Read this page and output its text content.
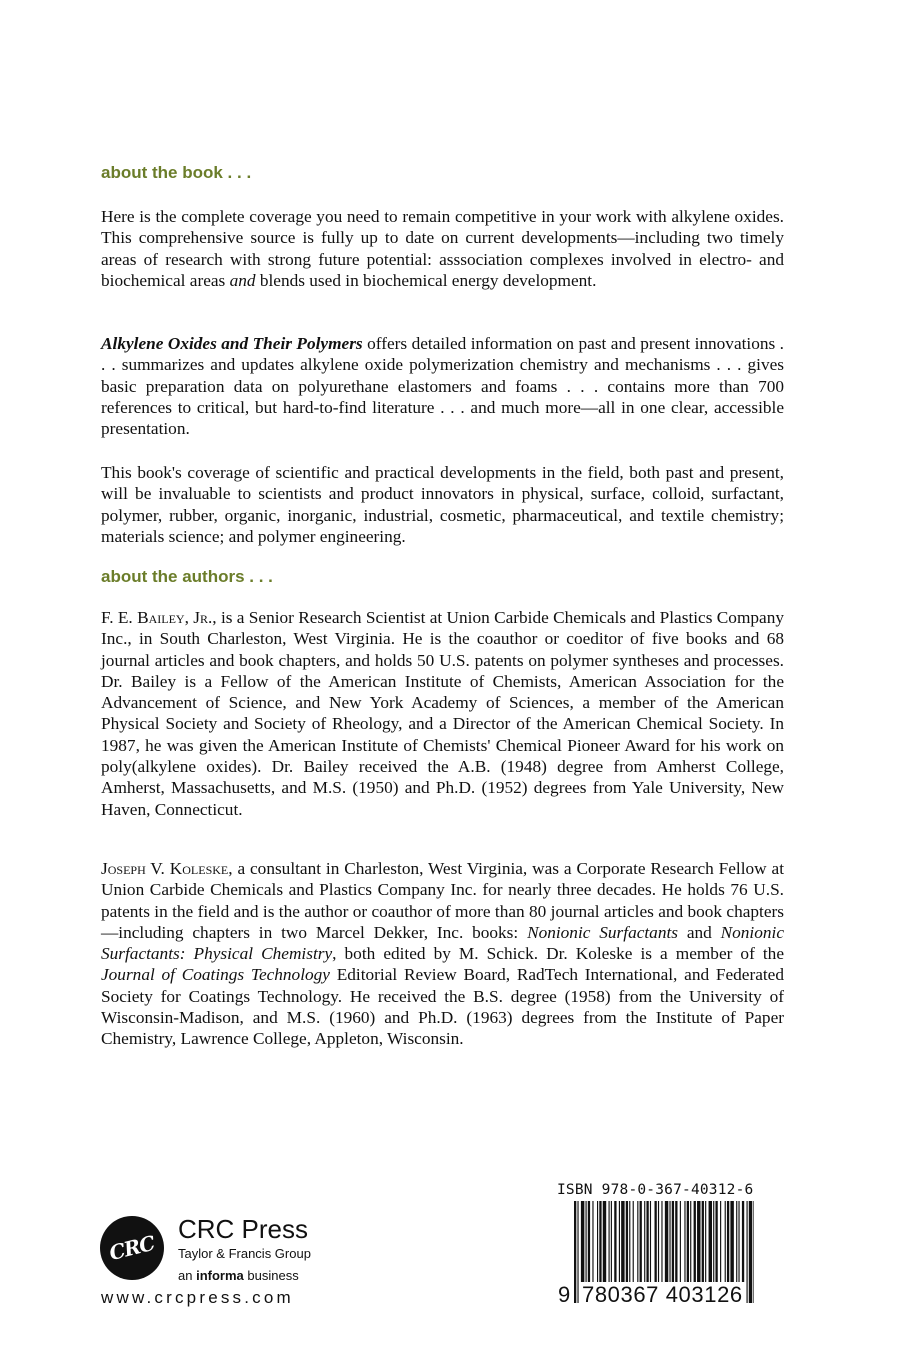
about the book . . .

Here is the complete coverage you need to remain competitive in your work with alkylene oxides. This comprehensive source is fully up to date on current developments—including two timely areas of research with strong future potential: asssociation complexes involved in electro- and biochemical areas and blends used in biochemical energy development.

Alkylene Oxides and Their Polymers offers detailed information on past and present innovations . . . summarizes and updates alkylene oxide polymerization chemistry and mechanisms . . . gives basic preparation data on polyurethane elastomers and foams . . . contains more than 700 references to critical, but hard-to-find literature . . . and much more—all in one clear, accessible presentation.

This book's coverage of scientific and practical developments in the field, both past and present, will be invaluable to scientists and product innovators in physical, surface, colloid, surfactant, polymer, rubber, organic, inorganic, industrial, cosmetic, pharmaceutical, and textile chemistry; materials science; and polymer engineering.

about the authors . . .

F. E. Bailey, Jr., is a Senior Research Scientist at Union Carbide Chemicals and Plastics Company Inc., in South Charleston, West Virginia. He is the coauthor or coeditor of five books and 68 journal articles and book chapters, and holds 50 U.S. patents on polymer syntheses and processes. Dr. Bailey is a Fellow of the American Institute of Chemists, American Association for the Advancement of Science, and New York Academy of Sciences, a member of the American Physical Society and Society of Rheology, and a Director of the American Chemical Society. In 1987, he was given the American Institute of Chemists' Chemical Pioneer Award for his work on poly(alkylene oxides). Dr. Bailey received the A.B. (1948) degree from Amherst College, Amherst, Massachusetts, and M.S. (1950) and Ph.D. (1952) degrees from Yale University, New Haven, Connecticut.

Joseph V. Koleske, a consultant in Charleston, West Virginia, was a Corporate Research Fellow at Union Carbide Chemicals and Plastics Company Inc. for nearly three decades. He holds 76 U.S. patents in the field and is the author or coauthor of more than 80 journal articles and book chapters—including chapters in two Marcel Dekker, Inc. books: Nonionic Surfactants and Nonionic Surfactants: Physical Chemistry, both edited by M. Schick. Dr. Koleske is a member of the Journal of Coatings Technology Editorial Review Board, RadTech International, and Federated Society for Coatings Technology. He received the B.S. degree (1958) from the University of Wisconsin-Madison, and M.S. (1960) and Ph.D. (1963) degrees from the Institute of Paper Chemistry, Lawrence College, Appleton, Wisconsin.

CRC
CRC Press
Taylor & Francis Group
an informa business
www.crcpress.com
ISBN 978-0-367-40312-6
9 780367 403126
